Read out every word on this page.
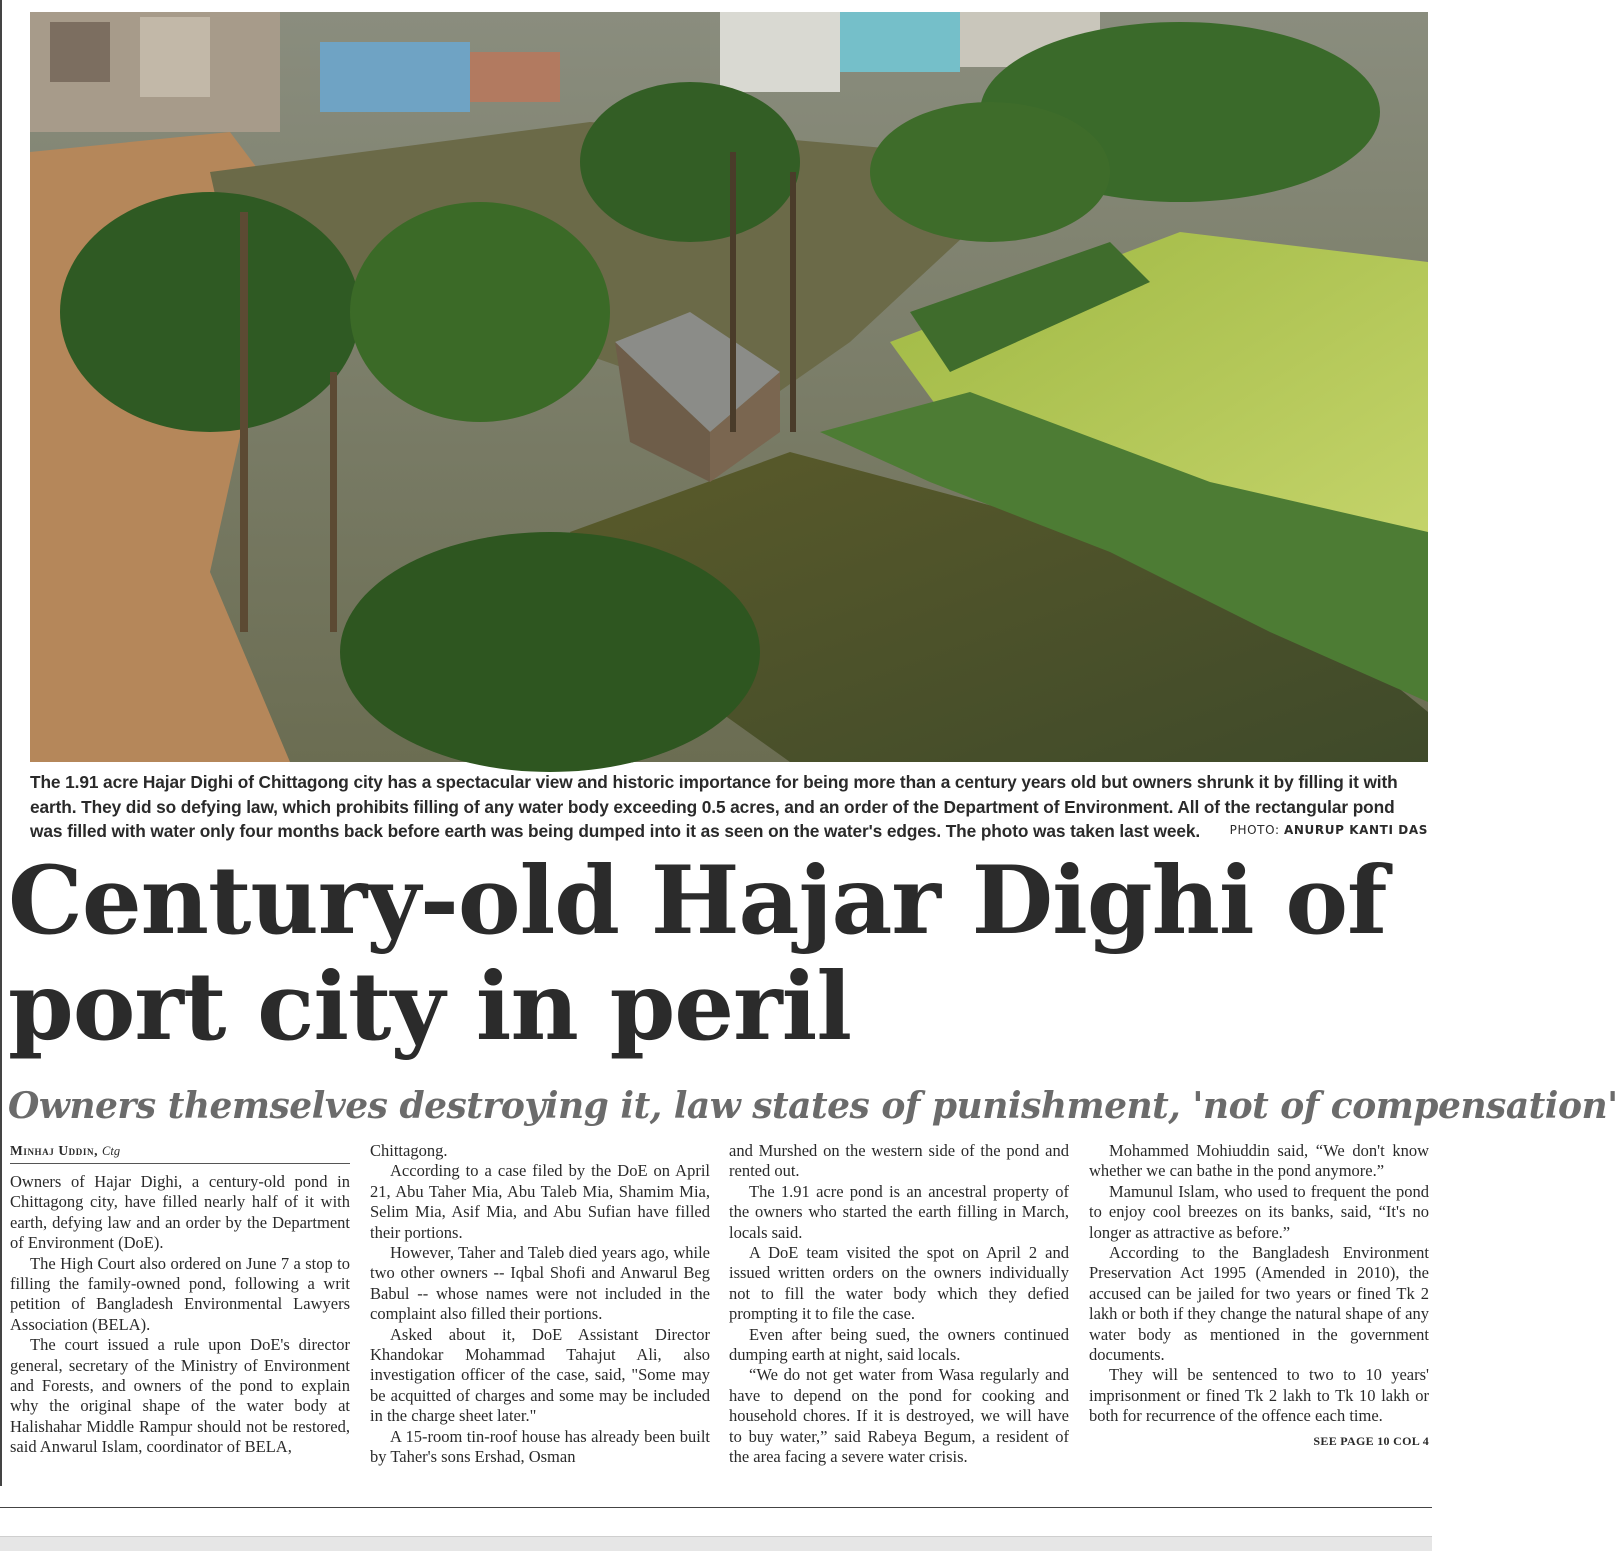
The 1.91 acre Hajar Dighi of Chittagong city has a spectacular view and historic importance for being more than a century years old but owners shrunk it by filling it with earth. They did so defying law, which prohibits filling of any water body exceeding 0.5 acres, and an order of the Department of Environment. All of the rectangular pond was filled with water only four months back before earth was being dumped into it as seen on the water's edges. The photo was taken last week.	PHOTO: ANURUP KANTI DAS
Century-old Hajar Dighi of
port city in peril
Owners themselves destroying it, law states of punishment, 'not of compensation'
Minhaj Uddin, Ctg

Owners of Hajar Dighi, a century-old pond in Chittagong city, have filled nearly half of it with earth, defying law and an order by the Department of Environment (DoE).

The High Court also ordered on June 7 a stop to filling the family-owned pond, following a writ petition of Bangladesh Environmental Lawyers Association (BELA).

The court issued a rule upon DoE's director general, secretary of the Ministry of Environment and Forests, and owners of the pond to explain why the original shape of the water body at Halishahar Middle Rampur should not be restored, said Anwarul Islam, coordinator of BELA,

Chittagong.

According to a case filed by the DoE on April 21, Abu Taher Mia, Abu Taleb Mia, Shamim Mia, Selim Mia, Asif Mia, and Abu Sufian have filled their portions.

However, Taher and Taleb died years ago, while two other owners -- Iqbal Shofi and Anwarul Beg Babul -- whose names were not included in the complaint also filled their portions.

Asked about it, DoE Assistant Director Khandokar Mohammad Tahajut Ali, also investigation officer of the case, said, "Some may be acquitted of charges and some may be included in the charge sheet later."

A 15-room tin-roof house has already been built by Taher's sons Ershad, Osman

and Murshed on the western side of the pond and rented out.

The 1.91 acre pond is an ancestral property of the owners who started the earth filling in March, locals said.

A DoE team visited the spot on April 2 and issued written orders on the owners individually not to fill the water body which they defied prompting it to file the case.

Even after being sued, the owners continued dumping earth at night, said locals.

“We do not get water from Wasa regularly and have to depend on the pond for cooking and household chores. If it is destroyed, we will have to buy water,” said Rabeya Begum, a resident of the area facing a severe water crisis.

Mohammed Mohiuddin said, “We don't know whether we can bathe in the pond anymore.”

Mamunul Islam, who used to frequent the pond to enjoy cool breezes on its banks, said, “It's no longer as attractive as before.”

According to the Bangladesh Environment Preservation Act 1995 (Amended in 2010), the accused can be jailed for two years or fined Tk 2 lakh or both if they change the natural shape of any water body as mentioned in the government documents.

They will be sentenced to two to 10 years' imprisonment or fined Tk 2 lakh to Tk 10 lakh or both for recurrence of the offence each time.

SEE PAGE 10 COL 4
